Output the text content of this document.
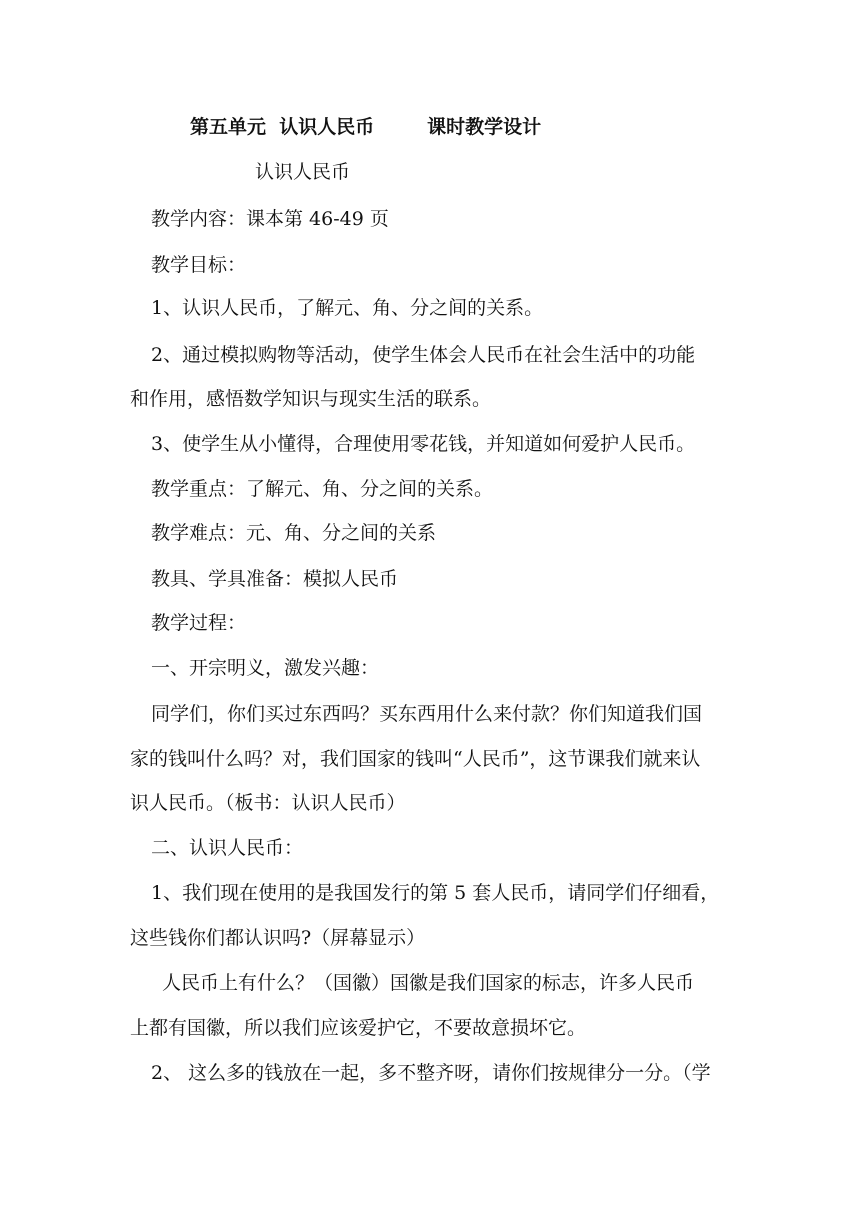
第五单元  认识人民币        课时教学设计
认识人民币
教学内容：课本第 46-49 页
教学目标：
1、认识人民币，了解元、角、分之间的关系。
2、通过模拟购物等活动，使学生体会人民币在社会生活中的功能
和作用，感悟数学知识与现实生活的联系。
3、使学生从小懂得，合理使用零花钱，并知道如何爱护人民币。
教学重点：了解元、角、分之间的关系。
教学难点：元、角、分之间的关系
教具、学具准备：模拟人民币
教学过程：
一、开宗明义，激发兴趣：
同学们，你们买过东西吗？买东西用什么来付款？你们知道我们国
家的钱叫什么吗？对，我们国家的钱叫“人民币”，这节课我们就来认
识人民币。（板书：认识人民币）
二、认识人民币：
1、我们现在使用的是我国发行的第 5 套人民币，请同学们仔细看，
这些钱你们都认识吗?（屏幕显示）
人民币上有什么？（国徽）国徽是我们国家的标志，许多人民币
上都有国徽，所以我们应该爱护它，不要故意损坏它。
2、 这么多的钱放在一起，多不整齐呀，请你们按规律分一分。（学
